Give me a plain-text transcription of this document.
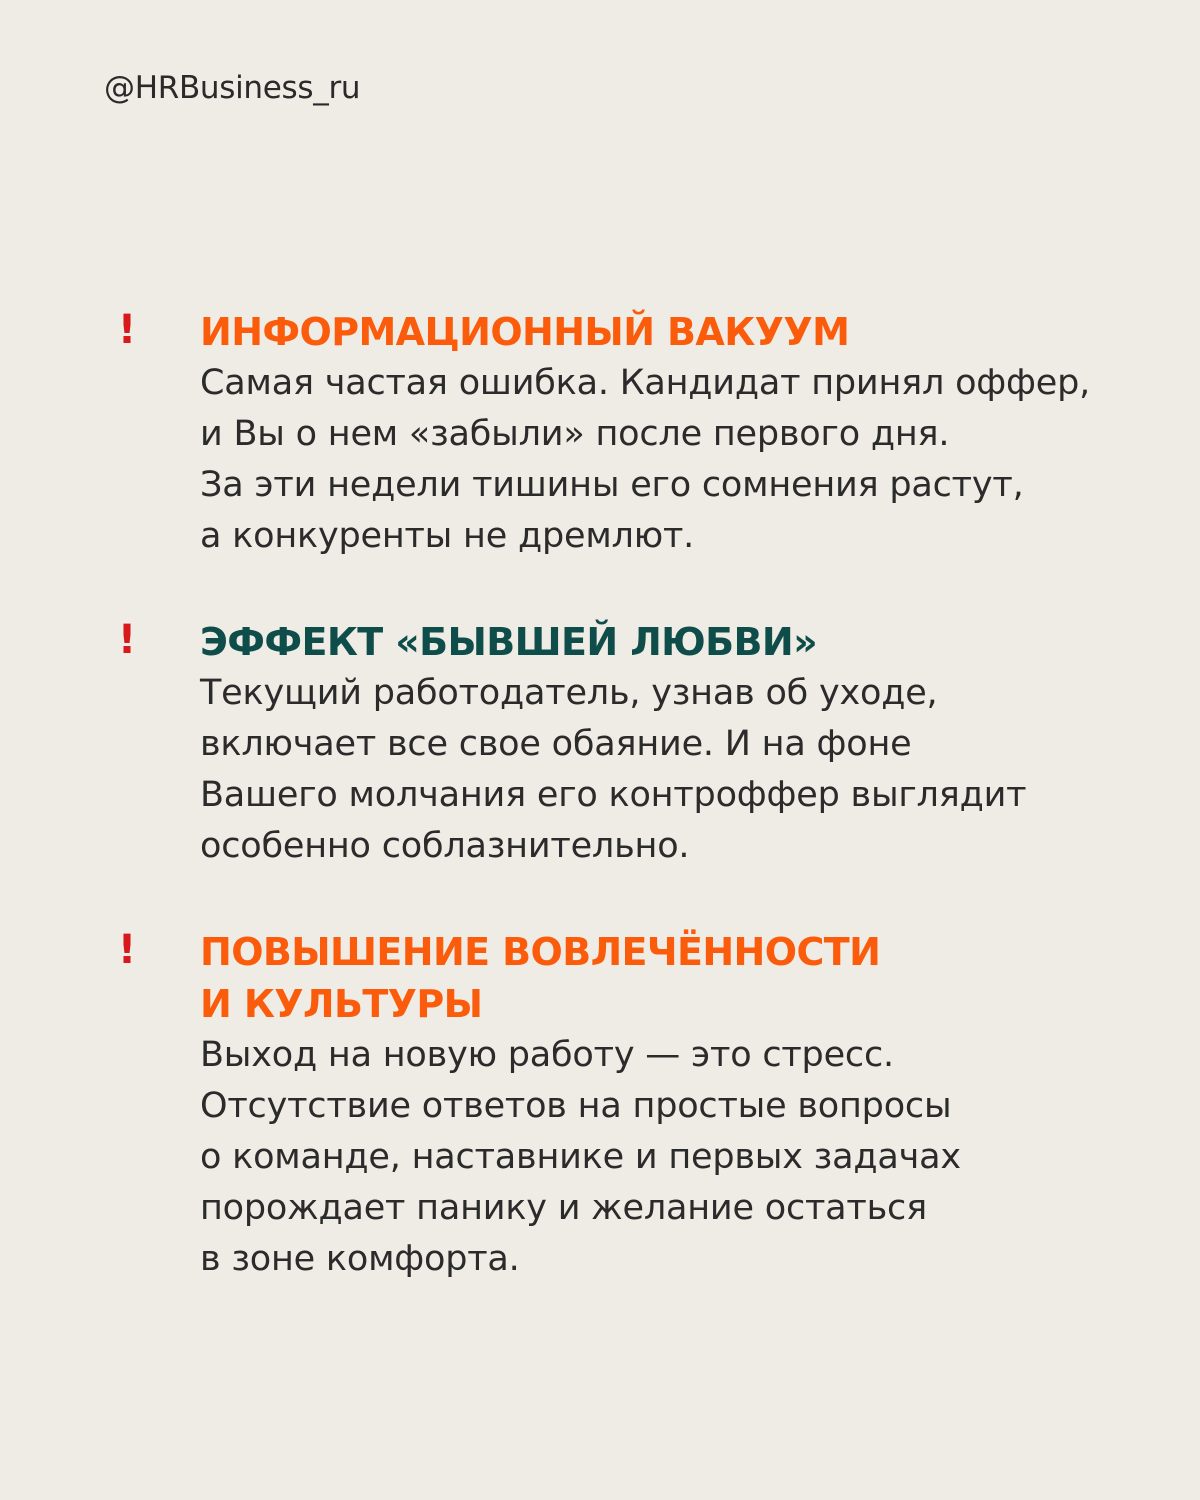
@HRBusiness_ru
! ИНФОРМАЦИОННЫЙ ВАКУУМ

Самая частая ошибка. Кандидат принял оффер,
и Вы о нем «забыли» после первого дня.
За эти недели тишины его сомнения растут,
а конкуренты не дремлют.

! ЭФФЕКТ «БЫВШЕЙ ЛЮБВИ»

Текущий работодатель, узнав об уходе,
включает все свое обаяние. И на фоне
Вашего молчания его контроффер выглядит
особенно соблазнительно.

! ПОВЫШЕНИЕ ВОВЛЕЧЁННОСТИ
И КУЛЬТУРЫ

Выход на новую работу — это стресс.
Отсутствие ответов на простые вопросы
о команде, наставнике и первых задачах
порождает панику и желание остаться
в зоне комфорта.
